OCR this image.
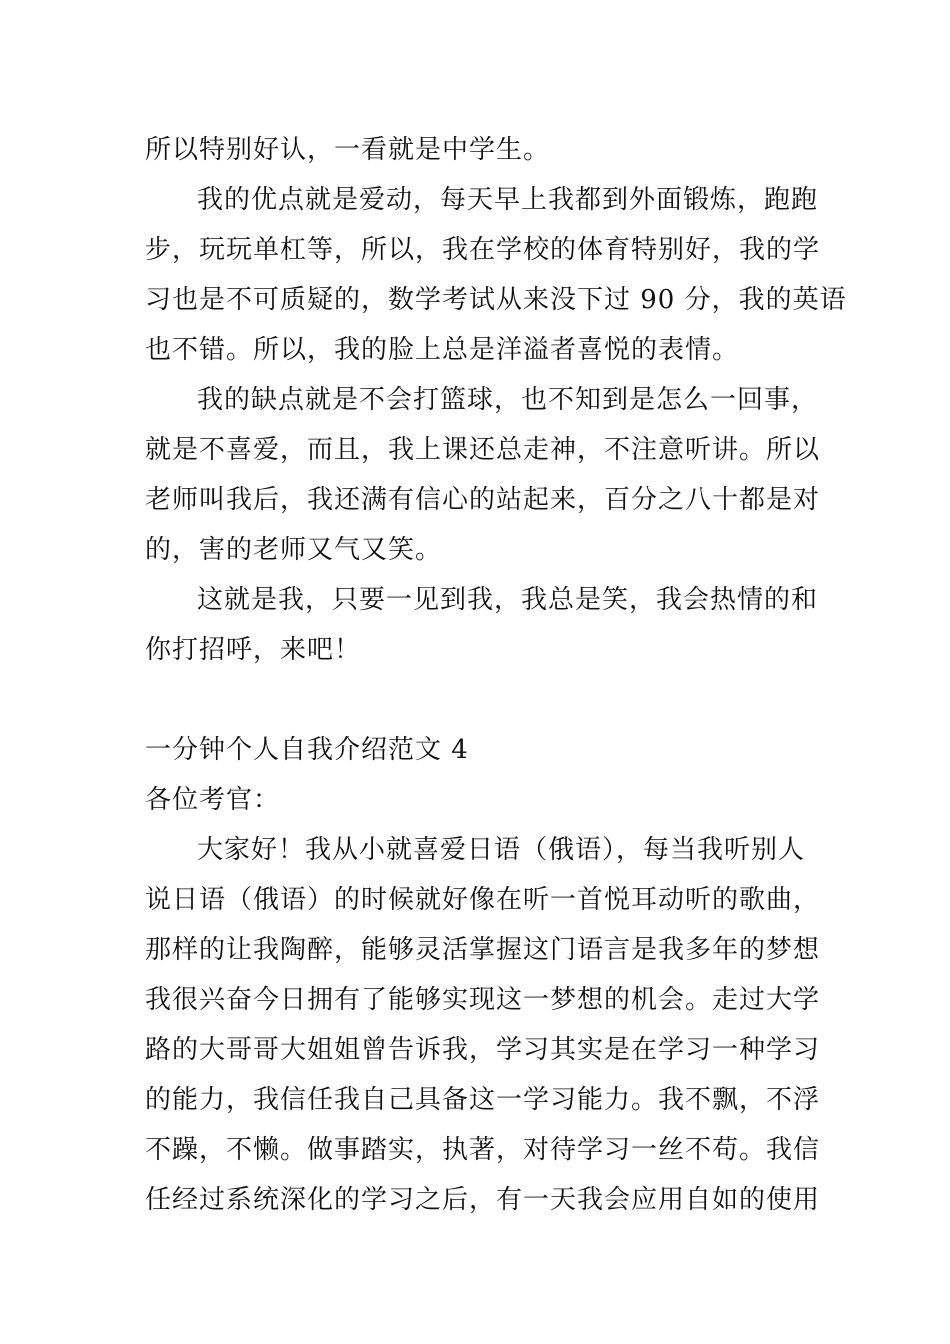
所以特别好认，一看就是中学生。
我的优点就是爱动，每天早上我都到外面锻炼，跑跑
步，玩玩单杠等，所以，我在学校的体育特别好，我的学
习也是不可质疑的，数学考试从来没下过 90 分，我的英语
也不错。所以，我的脸上总是洋溢者喜悦的表情。
我的缺点就是不会打篮球，也不知到是怎么一回事，
就是不喜爱，而且，我上课还总走神，不注意听讲。所以
老师叫我后，我还满有信心的站起来，百分之八十都是对
的，害的老师又气又笑。
这就是我，只要一见到我，我总是笑，我会热情的和
你打招呼，来吧！
一分钟个人自我介绍范文 4
各位考官：
大家好！我从小就喜爱日语（俄语），每当我听别人
说日语（俄语）的时候就好像在听一首悦耳动听的歌曲，
那样的让我陶醉，能够灵活掌握这门语言是我多年的梦想
我很兴奋今日拥有了能够实现这一梦想的机会。走过大学
路的大哥哥大姐姐曾告诉我，学习其实是在学习一种学习
的能力，我信任我自己具备这一学习能力。我不飘，不浮
不躁，不懒。做事踏实，执著，对待学习一丝不苟。我信
任经过系统深化的学习之后，有一天我会应用自如的使用
